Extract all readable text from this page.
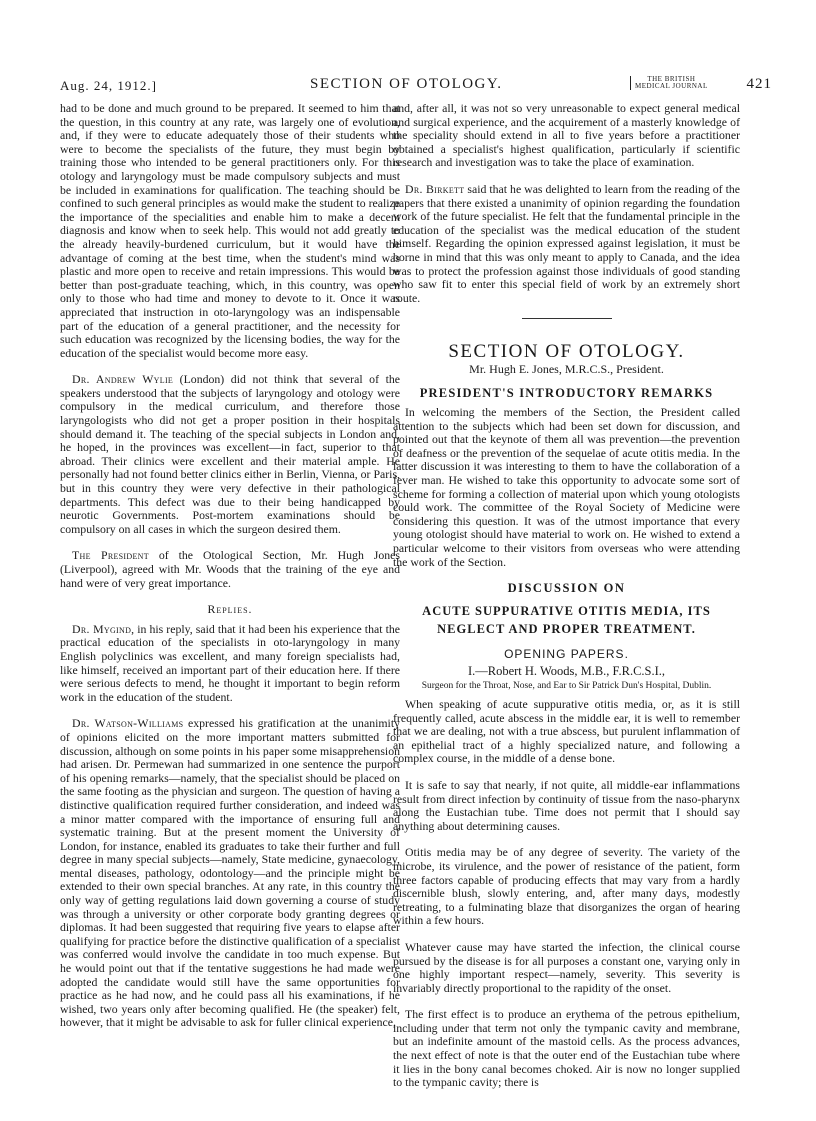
Aug. 24, 1912.]	SECTION OF OTOLOGY.	THE BRITISH
MEDICAL JOURNAL	421

had to be done and much ground to be prepared. It seemed to him that the question, in this country at any rate, was largely one of evolution, and, if they were to educate adequately those of their students who were to become the specialists of the future, they must begin by training those who intended to be general practitioners only. For this otology and laryngology must be made compulsory subjects and must be included in examinations for qualification. The teaching should be confined to such general principles as would make the student to realize the importance of the specialities and enable him to make a decent diagnosis and know when to seek help. This would not add greatly to the already heavily-burdened curriculum, but it would have the advantage of coming at the best time, when the student's mind was plastic and more open to receive and retain impressions. This would be better than post-graduate teaching, which, in this country, was open only to those who had time and money to devote to it. Once it was appreciated that instruction in oto-laryngology was an indispensable part of the education of a general practitioner, and the necessity for such education was recognized by the licensing bodies, the way for the education of the specialist would become more easy.

Dr. Andrew Wylie (London) did not think that several of the speakers understood that the subjects of laryngology and otology were compulsory in the medical curriculum, and therefore those laryngologists who did not get a proper position in their hospitals should demand it. The teaching of the special subjects in London and, he hoped, in the provinces was excellent—in fact, superior to that abroad. Their clinics were excellent and their material ample. He personally had not found better clinics either in Berlin, Vienna, or Paris, but in this country they were very defective in their pathological departments. This defect was due to their being handicapped by neurotic Governments. Post-mortem examinations should be compulsory on all cases in which the surgeon desired them.

The President of the Otological Section, Mr. Hugh Jones (Liverpool), agreed with Mr. Woods that the training of the eye and hand were of very great importance.

Replies.

Dr. Mygind, in his reply, said that it had been his experience that the practical education of the specialists in oto-laryngology in many English polyclinics was excellent, and many foreign specialists had, like himself, received an important part of their education here. If there were serious defects to mend, he thought it important to begin reform work in the education of the student.

Dr. Watson-Williams expressed his gratification at the unanimity of opinions elicited on the more important matters submitted for discussion, although on some points in his paper some misapprehension had arisen. Dr. Permewan had summarized in one sentence the purport of his opening remarks—namely, that the specialist should be placed on the same footing as the physician and surgeon. The question of having a distinctive qualification required further consideration, and indeed was a minor matter compared with the importance of ensuring full and systematic training. But at the present moment the University of London, for instance, enabled its graduates to take their further and full degree in many special subjects—namely, State medicine, gynaecology, mental diseases, pathology, odontology—and the principle might be extended to their own special branches. At any rate, in this country the only way of getting regulations laid down governing a course of study was through a university or other corporate body granting degrees or diplomas. It had been suggested that requiring five years to elapse after qualifying for practice before the distinctive qualification of a specialist was conferred would involve the candidate in too much expense. But he would point out that if the tentative suggestions he had made were adopted the candidate would still have the same opportunities for practice as he had now, and he could pass all his examinations, if he wished, two years only after becoming qualified. He (the speaker) felt, however, that it might be advisable to ask for fuller clinical experience,

and, after all, it was not so very unreasonable to expect general medical and surgical experience, and the acquirement of a masterly knowledge of the speciality should extend in all to five years before a practitioner obtained a specialist's highest qualification, particularly if scientific research and investigation was to take the place of examination.

Dr. Birkett said that he was delighted to learn from the reading of the papers that there existed a unanimity of opinion regarding the foundation work of the future specialist. He felt that the fundamental principle in the education of the specialist was the medical education of the student himself. Regarding the opinion expressed against legislation, it must be borne in mind that this was only meant to apply to Canada, and the idea was to protect the profession against those individuals of good standing who saw fit to enter this special field of work by an extremely short route.

SECTION OF OTOLOGY.
Mr. Hugh E. Jones, M.R.C.S., President.
PRESIDENT'S INTRODUCTORY REMARKS

In welcoming the members of the Section, the President called attention to the subjects which had been set down for discussion, and pointed out that the keynote of them all was prevention—the prevention of deafness or the prevention of the sequelae of acute otitis media. In the latter discussion it was interesting to them to have the collaboration of a fever man. He wished to take this opportunity to advocate some sort of scheme for forming a collection of material upon which young otologists could work. The committee of the Royal Society of Medicine were considering this question. It was of the utmost importance that every young otologist should have material to work on. He wished to extend a particular welcome to their visitors from overseas who were attending the work of the Section.

DISCUSSION ON
ACUTE SUPPURATIVE OTITIS MEDIA, ITS
NEGLECT AND PROPER TREATMENT.
OPENING PAPERS.
I.—Robert H. Woods, M.B., F.R.C.S.I.,
Surgeon for the Throat, Nose, and Ear to Sir Patrick Dun's Hospital, Dublin.

When speaking of acute suppurative otitis media, or, as it is still frequently called, acute abscess in the middle ear, it is well to remember that we are dealing, not with a true abscess, but purulent inflammation of an epithelial tract of a highly specialized nature, and following a complex course, in the middle of a dense bone.

It is safe to say that nearly, if not quite, all middle-ear inflammations result from direct infection by continuity of tissue from the naso-pharynx along the Eustachian tube. Time does not permit that I should say anything about determining causes.

Otitis media may be of any degree of severity. The variety of the microbe, its virulence, and the power of resistance of the patient, form three factors capable of producing effects that may vary from a hardly discernible blush, slowly entering, and, after many days, modestly retreating, to a fulminating blaze that disorganizes the organ of hearing within a few hours.

Whatever cause may have started the infection, the clinical course pursued by the disease is for all purposes a constant one, varying only in one highly important respect—namely, severity. This severity is invariably directly proportional to the rapidity of the onset.

The first effect is to produce an erythema of the petrous epithelium, including under that term not only the tympanic cavity and membrane, but an indefinite amount of the mastoid cells. As the process advances, the next effect of note is that the outer end of the Eustachian tube where it lies in the bony canal becomes choked. Air is now no longer supplied to the tympanic cavity; there is
